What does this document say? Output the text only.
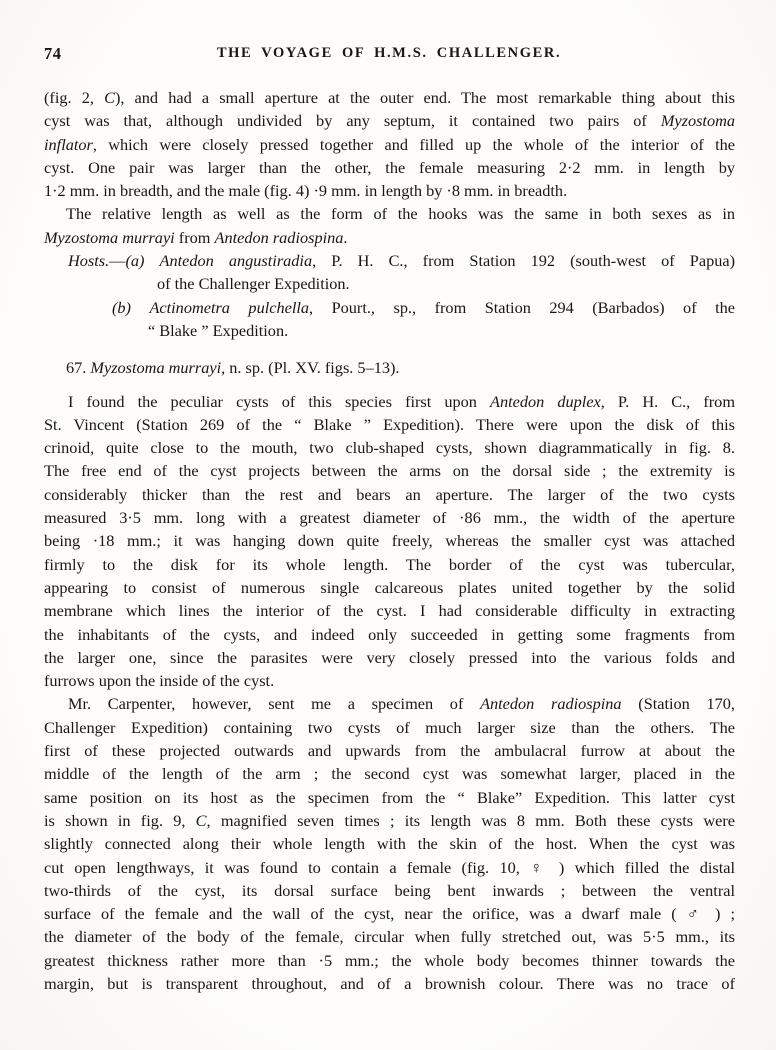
74	THE VOYAGE OF H.M.S. CHALLENGER.
(fig. 2, C), and had a small aperture at the outer end. The most remarkable thing about this
cyst was that, although undivided by any septum, it contained two pairs of Myzostoma
inflator, which were closely pressed together and filled up the whole of the interior of the
cyst. One pair was larger than the other, the female measuring 2·2 mm. in length by
1·2 mm. in breadth, and the male (fig. 4) ·9 mm. in length by ·8 mm. in breadth.
The relative length as well as the form of the hooks was the same in both sexes as in
Myzostoma murrayi from Antedon radiospina.
Hosts.—(a) Antedon angustiradia, P. H. C., from Station 192 (south-west of Papua)
of the Challenger Expedition.
(b) Actinometra pulchella, Pourt., sp., from Station 294 (Barbados) of the
“ Blake ” Expedition.
67. Myzostoma murrayi, n. sp. (Pl. XV. figs. 5–13).
I found the peculiar cysts of this species first upon Antedon duplex, P. H. C., from
St. Vincent (Station 269 of the “ Blake ” Expedition). There were upon the disk of this
crinoid, quite close to the mouth, two club-shaped cysts, shown diagrammatically in fig. 8.
The free end of the cyst projects between the arms on the dorsal side ; the extremity is
considerably thicker than the rest and bears an aperture. The larger of the two cysts
measured 3·5 mm. long with a greatest diameter of ·86 mm., the width of the aperture
being ·18 mm.; it was hanging down quite freely, whereas the smaller cyst was attached
firmly to the disk for its whole length. The border of the cyst was tubercular,
appearing to consist of numerous single calcareous plates united together by the solid
membrane which lines the interior of the cyst. I had considerable difficulty in extracting
the inhabitants of the cysts, and indeed only succeeded in getting some fragments from
the larger one, since the parasites were very closely pressed into the various folds and
furrows upon the inside of the cyst.
Mr. Carpenter, however, sent me a specimen of Antedon radiospina (Station 170,
Challenger Expedition) containing two cysts of much larger size than the others. The
first of these projected outwards and upwards from the ambulacral furrow at about the
middle of the length of the arm ; the second cyst was somewhat larger, placed in the
same position on its host as the specimen from the “ Blake” Expedition. This latter cyst
is shown in fig. 9, C, magnified seven times ; its length was 8 mm. Both these cysts were
slightly connected along their whole length with the skin of the host. When the cyst was
cut open lengthways, it was found to contain a female (fig. 10, ♀ ) which filled the distal
two-thirds of the cyst, its dorsal surface being bent inwards ; between the ventral
surface of the female and the wall of the cyst, near the orifice, was a dwarf male ( ♂ ) ;
the diameter of the body of the female, circular when fully stretched out, was 5·5 mm., its
greatest thickness rather more than ·5 mm.; the whole body becomes thinner towards the
margin, but is transparent throughout, and of a brownish colour. There was no trace of
